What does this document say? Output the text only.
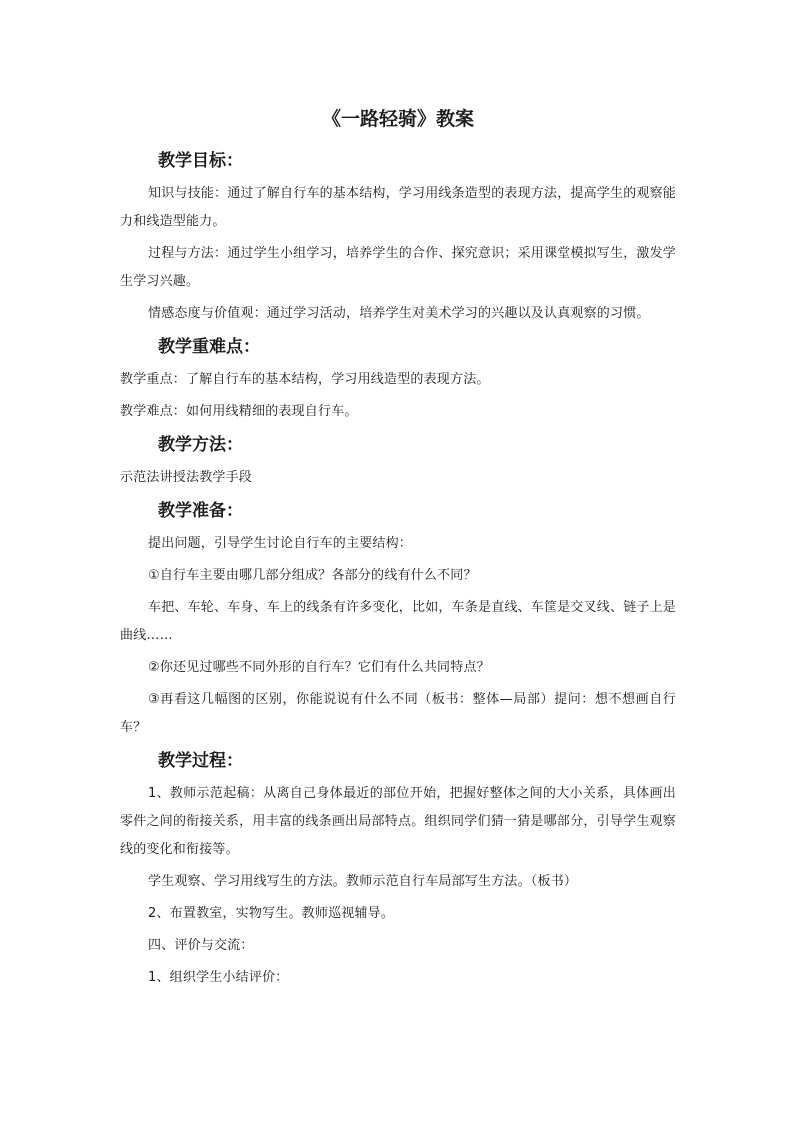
《一路轻骑》教案
教学目标：

知识与技能：通过了解自行车的基本结构，学习用线条造型的表现方法，提高学生的观察能力和线造型能力。

过程与方法：通过学生小组学习，培养学生的合作、探究意识；采用课堂模拟写生，激发学生学习兴趣。

情感态度与价值观：通过学习活动，培养学生对美术学习的兴趣以及认真观察的习惯。

教学重难点：

教学重点：了解自行车的基本结构，学习用线造型的表现方法。

教学难点：如何用线精细的表现自行车。

教学方法：

示范法讲授法教学手段

教学准备：

提出问题，引导学生讨论自行车的主要结构：

①自行车主要由哪几部分组成？各部分的线有什么不同？

车把、车轮、车身、车上的线条有许多变化，比如，车条是直线、车筐是交叉线、链子上是曲线……

②你还见过哪些不同外形的自行车？它们有什么共同特点？

③再看这几幅图的区别，你能说说有什么不同（板书：整体—局部）提问：想不想画自行车？

教学过程：

1、教师示范起稿：从离自己身体最近的部位开始，把握好整体之间的大小关系，具体画出零件之间的衔接关系，用丰富的线条画出局部特点。组织同学们猜一猜是哪部分，引导学生观察线的变化和衔接等。

学生观察、学习用线写生的方法。教师示范自行车局部写生方法。（板书）

2、布置教室，实物写生。教师巡视辅导。

四、评价与交流：

1、组织学生小结评价：
